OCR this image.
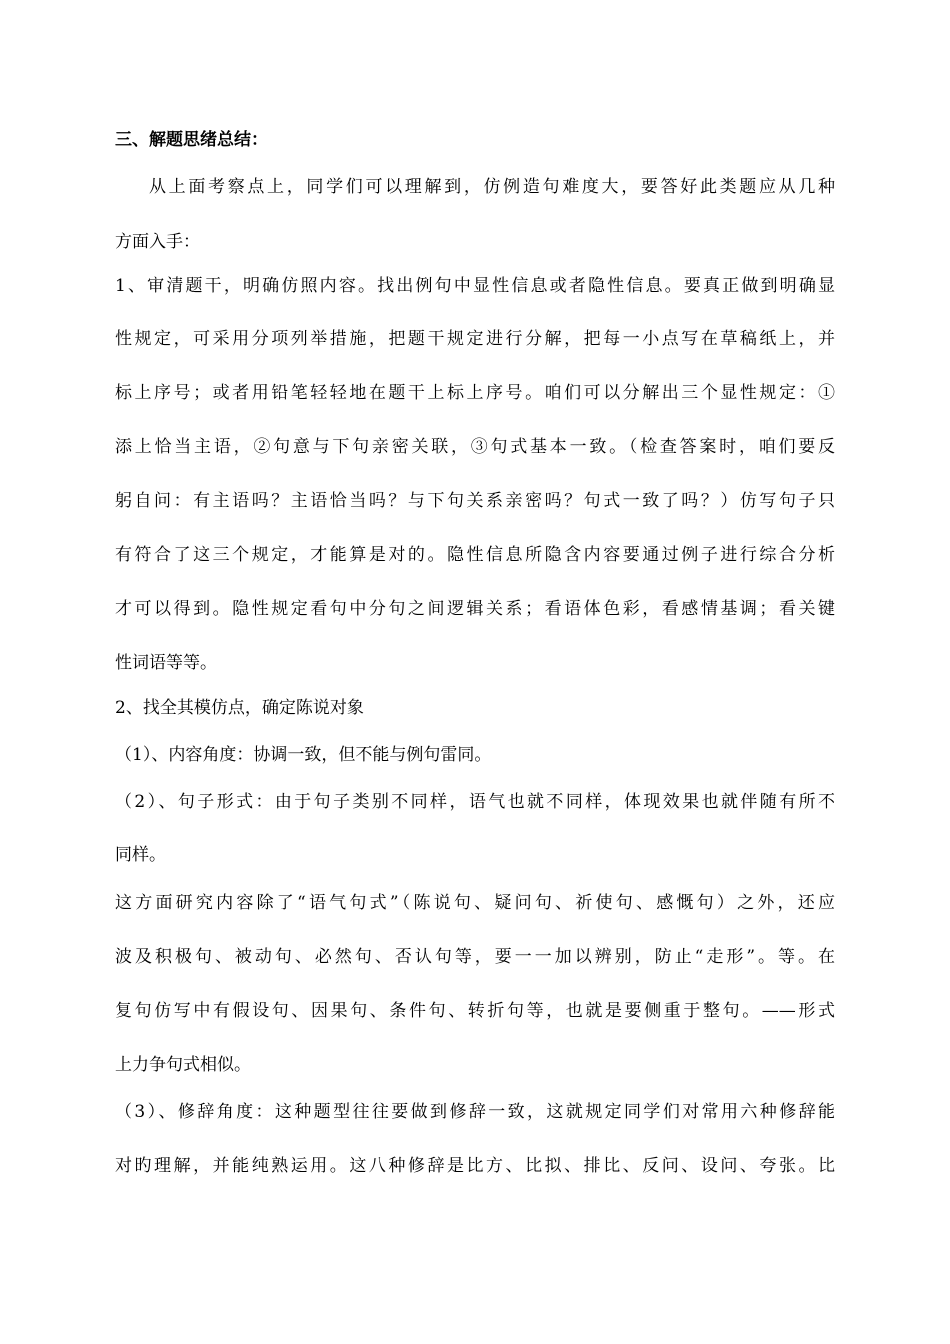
三、解题思绪总结：
从上面考察点上，同学们可以理解到，仿例造句难度大，要答好此类题应从几种
方面入手：
1、审清题干，明确仿照内容。找出例句中显性信息或者隐性信息。要真正做到明确显
性规定，可采用分项列举措施，把题干规定进行分解，把每一小点写在草稿纸上，并
标上序号；或者用铅笔轻轻地在题干上标上序号。咱们可以分解出三个显性规定：①
添上恰当主语，②句意与下句亲密关联，③句式基本一致。（检查答案时，咱们要反
躬自问：有主语吗？主语恰当吗？与下句关系亲密吗？句式一致了吗？）仿写句子只
有符合了这三个规定，才能算是对的。隐性信息所隐含内容要通过例子进行综合分析
才可以得到。隐性规定看句中分句之间逻辑关系；看语体色彩，看感情基调；看关键
性词语等等。
2、找全其模仿点，确定陈说对象
（1）、内容角度：协调一致，但不能与例句雷同。
（2）、句子形式：由于句子类别不同样，语气也就不同样，体现效果也就伴随有所不
同样。
这方面研究内容除了“语气句式”（陈说句、疑问句、祈使句、感慨句）之外，还应
波及积极句、被动句、必然句、否认句等，要一一加以辨别，防止“走形”。等。在
复句仿写中有假设句、因果句、条件句、转折句等，也就是要侧重于整句。——形式
上力争句式相似。
（3）、修辞角度：这种题型往往要做到修辞一致，这就规定同学们对常用六种修辞能
对旳理解，并能纯熟运用。这八种修辞是比方、比拟、排比、反问、设问、夸张。比
